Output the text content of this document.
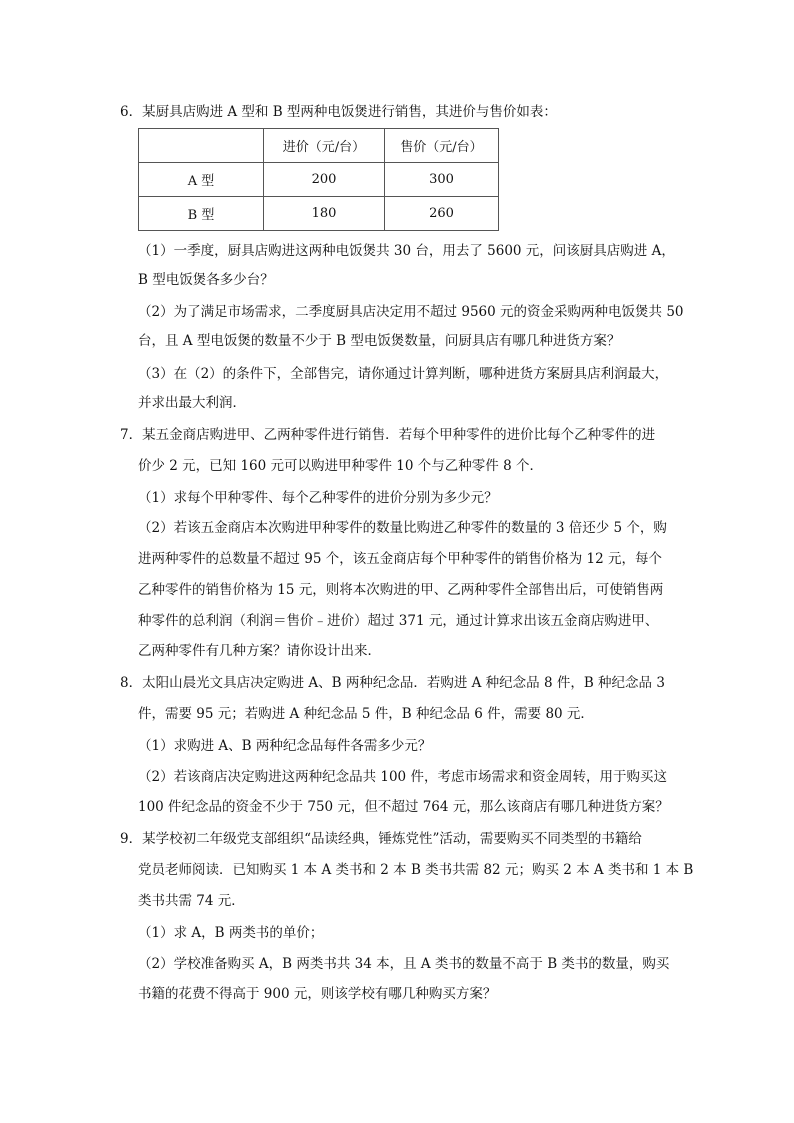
6．某厨具店购进 A 型和 B 型两种电饭煲进行销售，其进价与售价如表：
	进价（元/台）	售价（元/台）
A 型	200	300
B 型	180	260
（1）一季度，厨具店购进这两种电饭煲共 30 台，用去了 5600 元，问该厨具店购进 A，
B 型电饭煲各多少台？
（2）为了满足市场需求，二季度厨具店决定用不超过 9560 元的资金采购两种电饭煲共 50
台，且 A 型电饭煲的数量不少于 B 型电饭煲数量，问厨具店有哪几种进货方案？
（3）在（2）的条件下，全部售完，请你通过计算判断，哪种进货方案厨具店利润最大，
并求出最大利润．
7．某五金商店购进甲、乙两种零件进行销售．若每个甲种零件的进价比每个乙种零件的进
价少 2 元，已知 160 元可以购进甲种零件 10 个与乙种零件 8 个．
（1）求每个甲种零件、每个乙种零件的进价分别为多少元？
（2）若该五金商店本次购进甲种零件的数量比购进乙种零件的数量的 3 倍还少 5 个，购
进两种零件的总数量不超过 95 个，该五金商店每个甲种零件的销售价格为 12 元，每个
乙种零件的销售价格为 15 元，则将本次购进的甲、乙两种零件全部售出后，可使销售两
种零件的总利润（利润＝售价﹣进价）超过 371 元，通过计算求出该五金商店购进甲、
乙两种零件有几种方案？请你设计出来．
8．太阳山晨光文具店决定购进 A、B 两种纪念品．若购进 A 种纪念品 8 件，B 种纪念品 3
件，需要 95 元；若购进 A 种纪念品 5 件，B 种纪念品 6 件，需要 80 元．
（1）求购进 A、B 两种纪念品每件各需多少元？
（2）若该商店决定购进这两种纪念品共 100 件，考虑市场需求和资金周转，用于购买这
100 件纪念品的资金不少于 750 元，但不超过 764 元，那么该商店有哪几种进货方案？
9．某学校初二年级党支部组织“品读经典，锤炼党性”活动，需要购买不同类型的书籍给
党员老师阅读．已知购买 1 本 A 类书和 2 本 B 类书共需 82 元；购买 2 本 A 类书和 1 本 B
类书共需 74 元．
（1）求 A，B 两类书的单价；
（2）学校准备购买 A，B 两类书共 34 本，且 A 类书的数量不高于 B 类书的数量，购买
书籍的花费不得高于 900 元，则该学校有哪几种购买方案？
